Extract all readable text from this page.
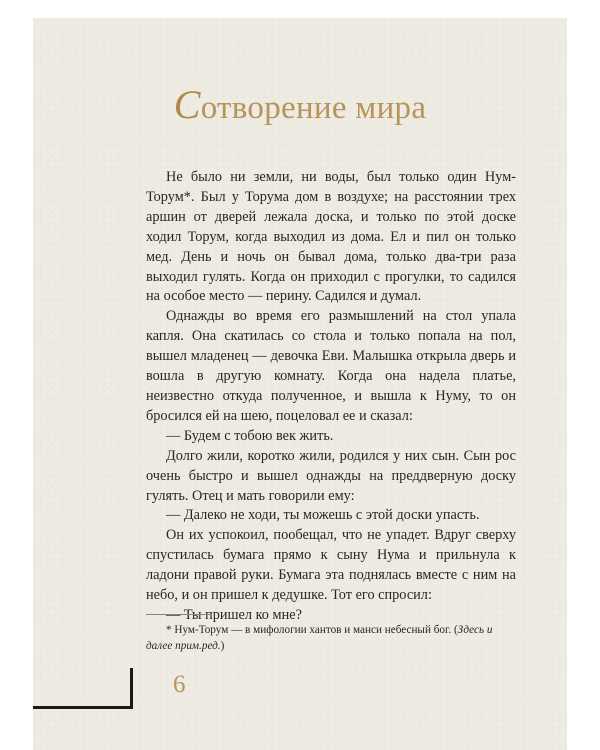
Сотворение мира

Не было ни земли, ни воды, был только один Нум-Торум*. Был у Торума дом в воздухе; на расстоянии трех аршин от дверей лежала доска, и только по этой доске ходил Торум, когда выходил из дома. Ел и пил он только мед. День и ночь он бывал дома, только два-три раза выходил гулять. Когда он приходил с прогулки, то садился на особое место — перину. Садился и думал.

Однажды во время его размышлений на стол упала капля. Она скатилась со стола и только попала на пол, вышел младенец — девочка Еви. Малышка открыла дверь и вошла в другую комнату. Когда она надела платье, неизвестно откуда полученное, и вышла к Нуму, то он бросился ей на шею, поцеловал ее и сказал:

— Будем с тобою век жить.

Долго жили, коротко жили, родился у них сын. Сын рос очень быстро и вышел однажды на преддверную доску гулять. Отец и мать говорили ему:

— Далеко не ходи, ты можешь с этой доски упасть.

Он их успокоил, пообещал, что не упадет. Вдруг сверху спустилась бумага прямо к сыну Нума и прильнула к ладони правой руки. Бумага эта поднялась вместе с ним на небо, и он пришел к дедушке. Тот его спросил:

— Ты пришел ко мне?

* Нум-Торум — в мифологии хантов и манси небесный бог. (Здесь и далее прим.ред.)

6
